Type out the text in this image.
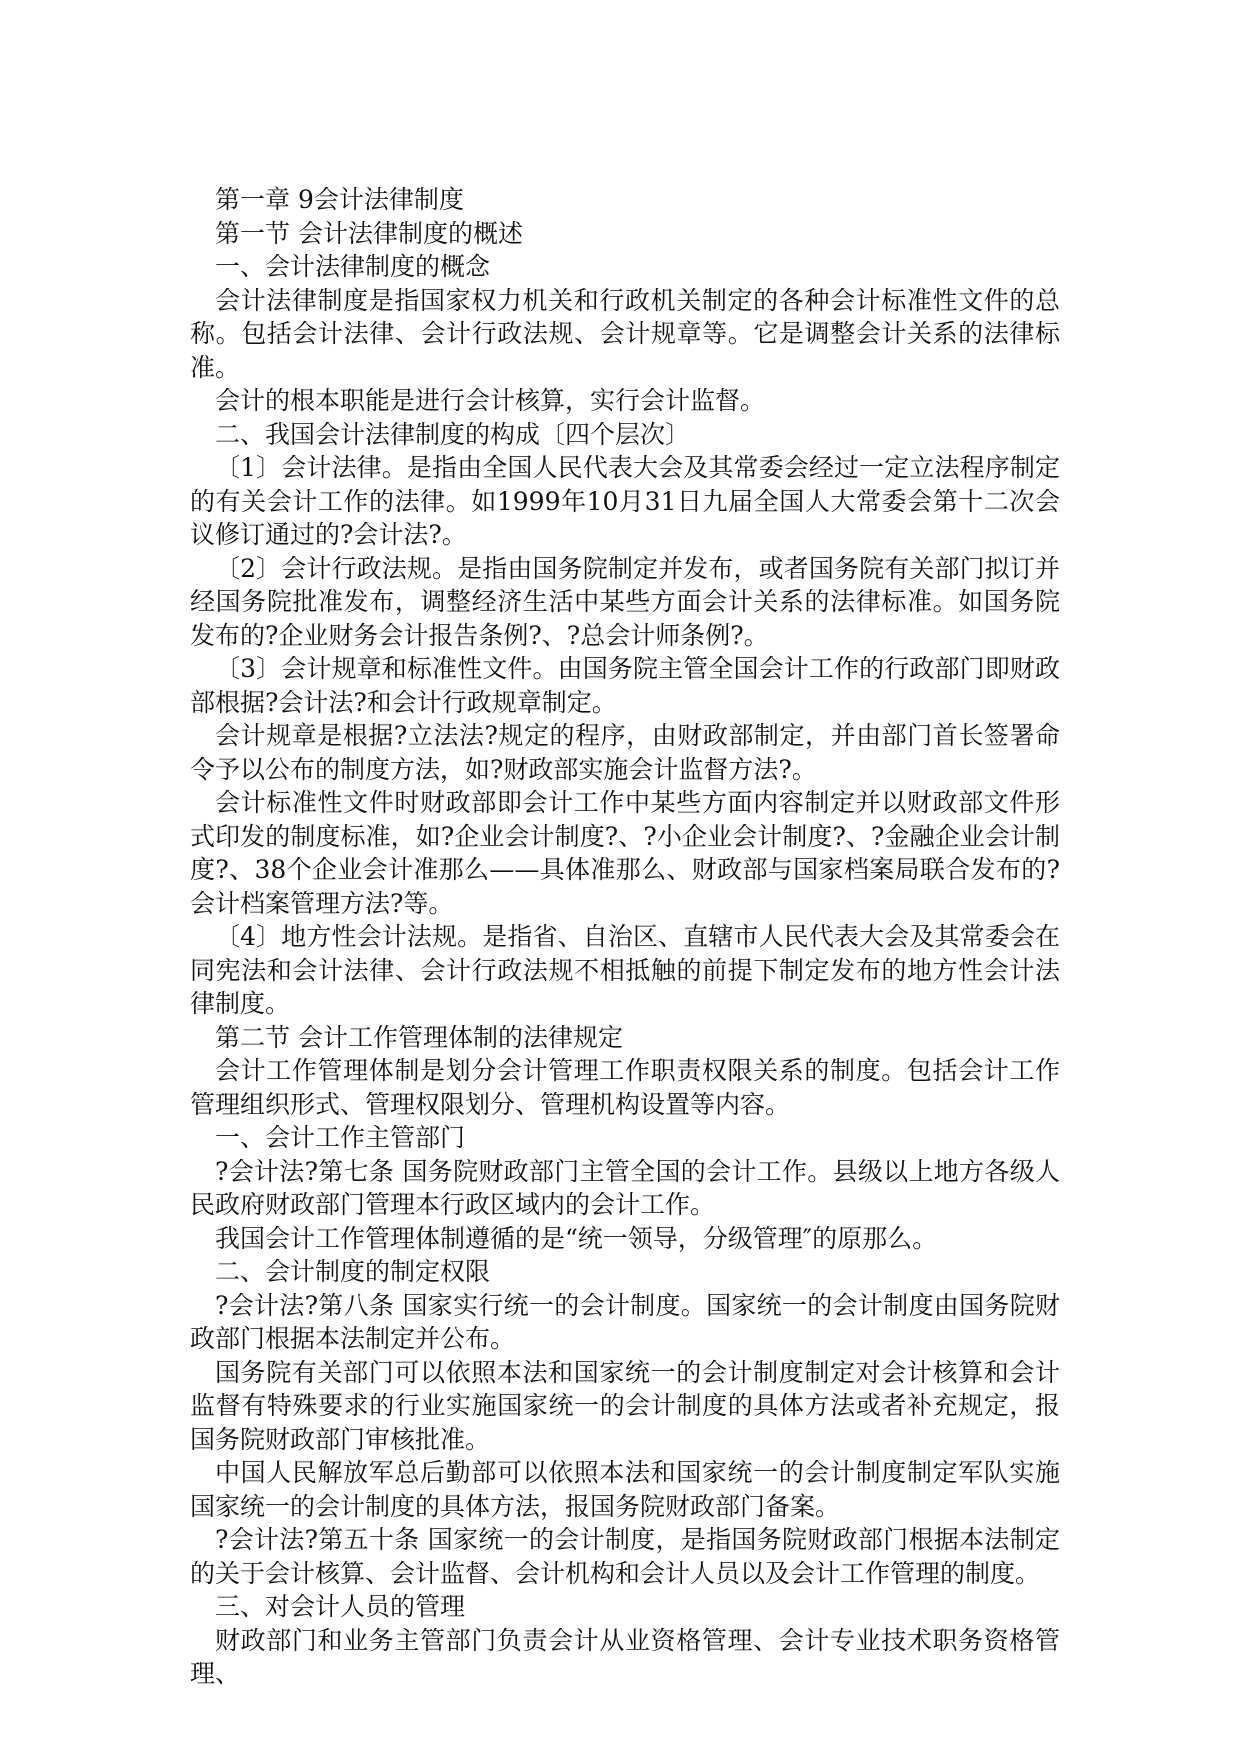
第一章 9会计法律制度

第一节 会计法律制度的概述

一、会计法律制度的概念

会计法律制度是指国家权力机关和行政机关制定的各种会计标准性文件的总称。包括会计法律、会计行政法规、会计规章等。它是调整会计关系的法律标准。

会计的根本职能是进行会计核算，实行会计监督。

二、我国会计法律制度的构成〔四个层次〕

〔1〕会计法律。是指由全国人民代表大会及其常委会经过一定立法程序制定的有关会计工作的法律。如1999年10月31日九届全国人大常委会第十二次会议修订通过的?会计法?。

〔2〕会计行政法规。是指由国务院制定并发布，或者国务院有关部门拟订并经国务院批准发布，调整经济生活中某些方面会计关系的法律标准。如国务院发布的?企业财务会计报告条例?、?总会计师条例?。

〔3〕会计规章和标准性文件。由国务院主管全国会计工作的行政部门即财政部根据?会计法?和会计行政规章制定。

会计规章是根据?立法法?规定的程序，由财政部制定，并由部门首长签署命令予以公布的制度方法，如?财政部实施会计监督方法?。

会计标准性文件时财政部即会计工作中某些方面内容制定并以财政部文件形式印发的制度标准，如?企业会计制度?、?小企业会计制度?、?金融企业会计制度?、38个企业会计准那么——具体准那么、财政部与国家档案局联合发布的?会计档案管理方法?等。

〔4〕地方性会计法规。是指省、自治区、直辖市人民代表大会及其常委会在同宪法和会计法律、会计行政法规不相抵触的前提下制定发布的地方性会计法律制度。

第二节 会计工作管理体制的法律规定

会计工作管理体制是划分会计管理工作职责权限关系的制度。包括会计工作管理组织形式、管理权限划分、管理机构设置等内容。

一、会计工作主管部门

?会计法?第七条 国务院财政部门主管全国的会计工作。县级以上地方各级人民政府财政部门管理本行政区域内的会计工作。

我国会计工作管理体制遵循的是“统一领导，分级管理″的原那么。

二、会计制度的制定权限

?会计法?第八条 国家实行统一的会计制度。国家统一的会计制度由国务院财政部门根据本法制定并公布。

国务院有关部门可以依照本法和国家统一的会计制度制定对会计核算和会计监督有特殊要求的行业实施国家统一的会计制度的具体方法或者补充规定，报国务院财政部门审核批准。

中国人民解放军总后勤部可以依照本法和国家统一的会计制度制定军队实施国家统一的会计制度的具体方法，报国务院财政部门备案。

?会计法?第五十条 国家统一的会计制度，是指国务院财政部门根据本法制定的关于会计核算、会计监督、会计机构和会计人员以及会计工作管理的制度。

三、对会计人员的管理

财政部门和业务主管部门负责会计从业资格管理、会计专业技术职务资格管理、
